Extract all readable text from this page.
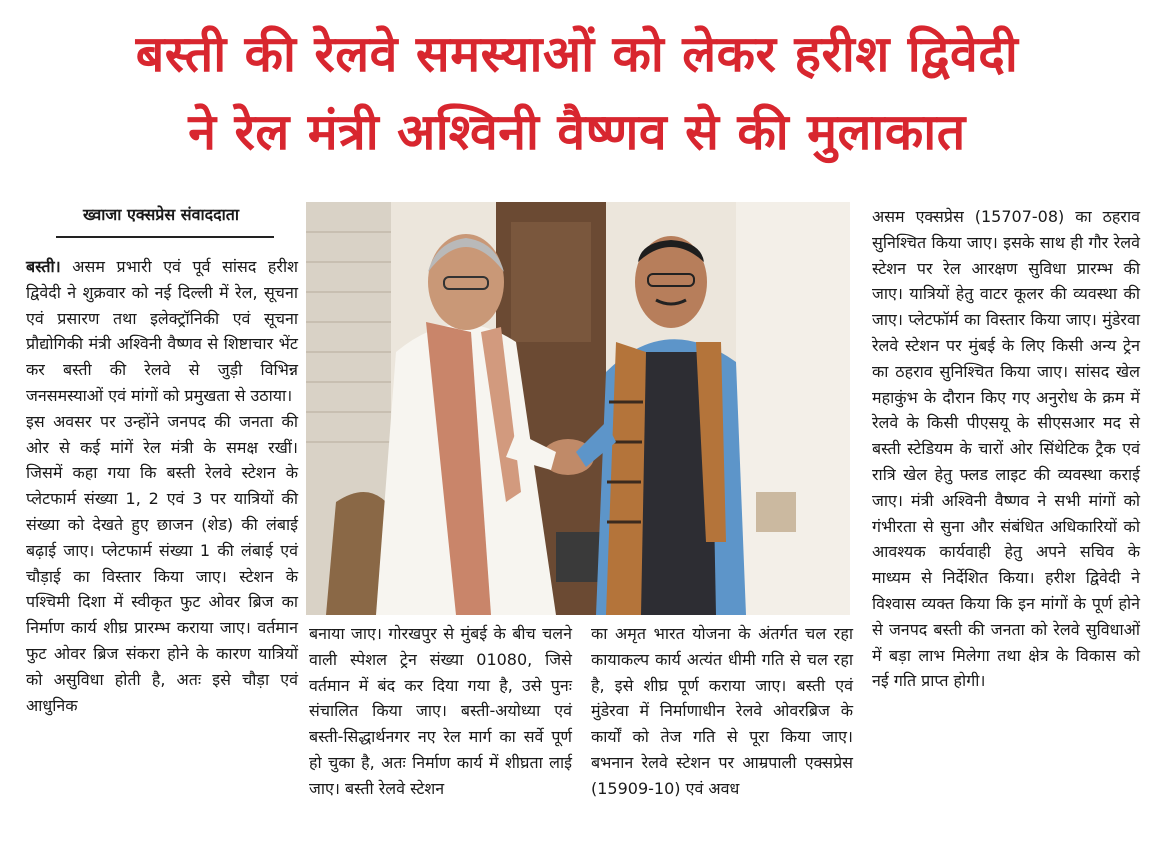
बस्ती की रेलवे समस्याओं को लेकर हरीश द्विवेदी
ने रेल मंत्री अश्विनी वैष्णव से की मुलाकात
ख्वाजा एक्सप्रेस संवाददाता

बस्ती। असम प्रभारी एवं पूर्व सांसद हरीश द्विवेदी ने शुक्रवार को नई दिल्ली में रेल, सूचना एवं प्रसारण तथा इलेक्ट्रॉनिकी एवं सूचना प्रौद्योगिकी मंत्री अश्विनी वैष्णव से शिष्टाचार भेंट कर बस्ती की रेलवे से जुड़ी विभिन्न जनसमस्याओं एवं मांगों को प्रमुखता से उठाया।

इस अवसर पर उन्होंने जनपद की जनता की ओर से कई मांगें रेल मंत्री के समक्ष रखीं। जिसमें कहा गया कि बस्ती रेलवे स्टेशन के प्लेटफार्म संख्या 1, 2 एवं 3 पर यात्रियों की संख्या को देखते हुए छाजन (शेड) की लंबाई बढ़ाई जाए। प्लेटफार्म संख्या 1 की लंबाई एवं चौड़ाई का विस्तार किया जाए। स्टेशन के पश्चिमी दिशा में स्वीकृत फुट ओवर ब्रिज का निर्माण कार्य शीघ्र प्रारम्भ कराया जाए। वर्तमान फुट ओवर ब्रिज संकरा होने के कारण यात्रियों को असुविधा होती है, अतः इसे चौड़ा एवं आधुनिक

बनाया जाए। गोरखपुर से मुंबई के बीच चलने वाली स्पेशल ट्रेन संख्या 01080, जिसे वर्तमान में बंद कर दिया गया है, उसे पुनः संचालित किया जाए। बस्ती-अयोध्या एवं बस्ती-सिद्धार्थनगर नए रेल मार्ग का सर्वे पूर्ण हो चुका है, अतः निर्माण कार्य में शीघ्रता लाई जाए। बस्ती रेलवे स्टेशन

का अमृत भारत योजना के अंतर्गत चल रहा कायाकल्प कार्य अत्यंत धीमी गति से चल रहा है, इसे शीघ्र पूर्ण कराया जाए। बस्ती एवं मुंडेरवा में निर्माणाधीन रेलवे ओवरब्रिज के कार्यों को तेज गति से पूरा किया जाए। बभनान रेलवे स्टेशन पर आम्रपाली एक्सप्रेस (15909-10) एवं अवध

असम एक्सप्रेस (15707-08) का ठहराव सुनिश्चित किया जाए। इसके साथ ही गौर रेलवे स्टेशन पर रेल आरक्षण सुविधा प्रारम्भ की जाए। यात्रियों हेतु वाटर कूलर की व्यवस्था की जाए। प्लेटफॉर्म का विस्तार किया जाए। मुंडेरवा रेलवे स्टेशन पर मुंबई के लिए किसी अन्य ट्रेन का ठहराव सुनिश्चित किया जाए। सांसद खेल महाकुंभ के दौरान किए गए अनुरोध के क्रम में रेलवे के किसी पीएसयू के सीएसआर मद से बस्ती स्टेडियम के चारों ओर सिंथेटिक ट्रैक एवं रात्रि खेल हेतु फ्लड लाइट की व्यवस्था कराई जाए। मंत्री अश्विनी वैष्णव ने सभी मांगों को गंभीरता से सुना और संबंधित अधिकारियों को आवश्यक कार्यवाही हेतु अपने सचिव के माध्यम से निर्देशित किया। हरीश द्विवेदी ने विश्वास व्यक्त किया कि इन मांगों के पूर्ण होने से जनपद बस्ती की जनता को रेलवे सुविधाओं में बड़ा लाभ मिलेगा तथा क्षेत्र के विकास को नई गति प्राप्त होगी।
